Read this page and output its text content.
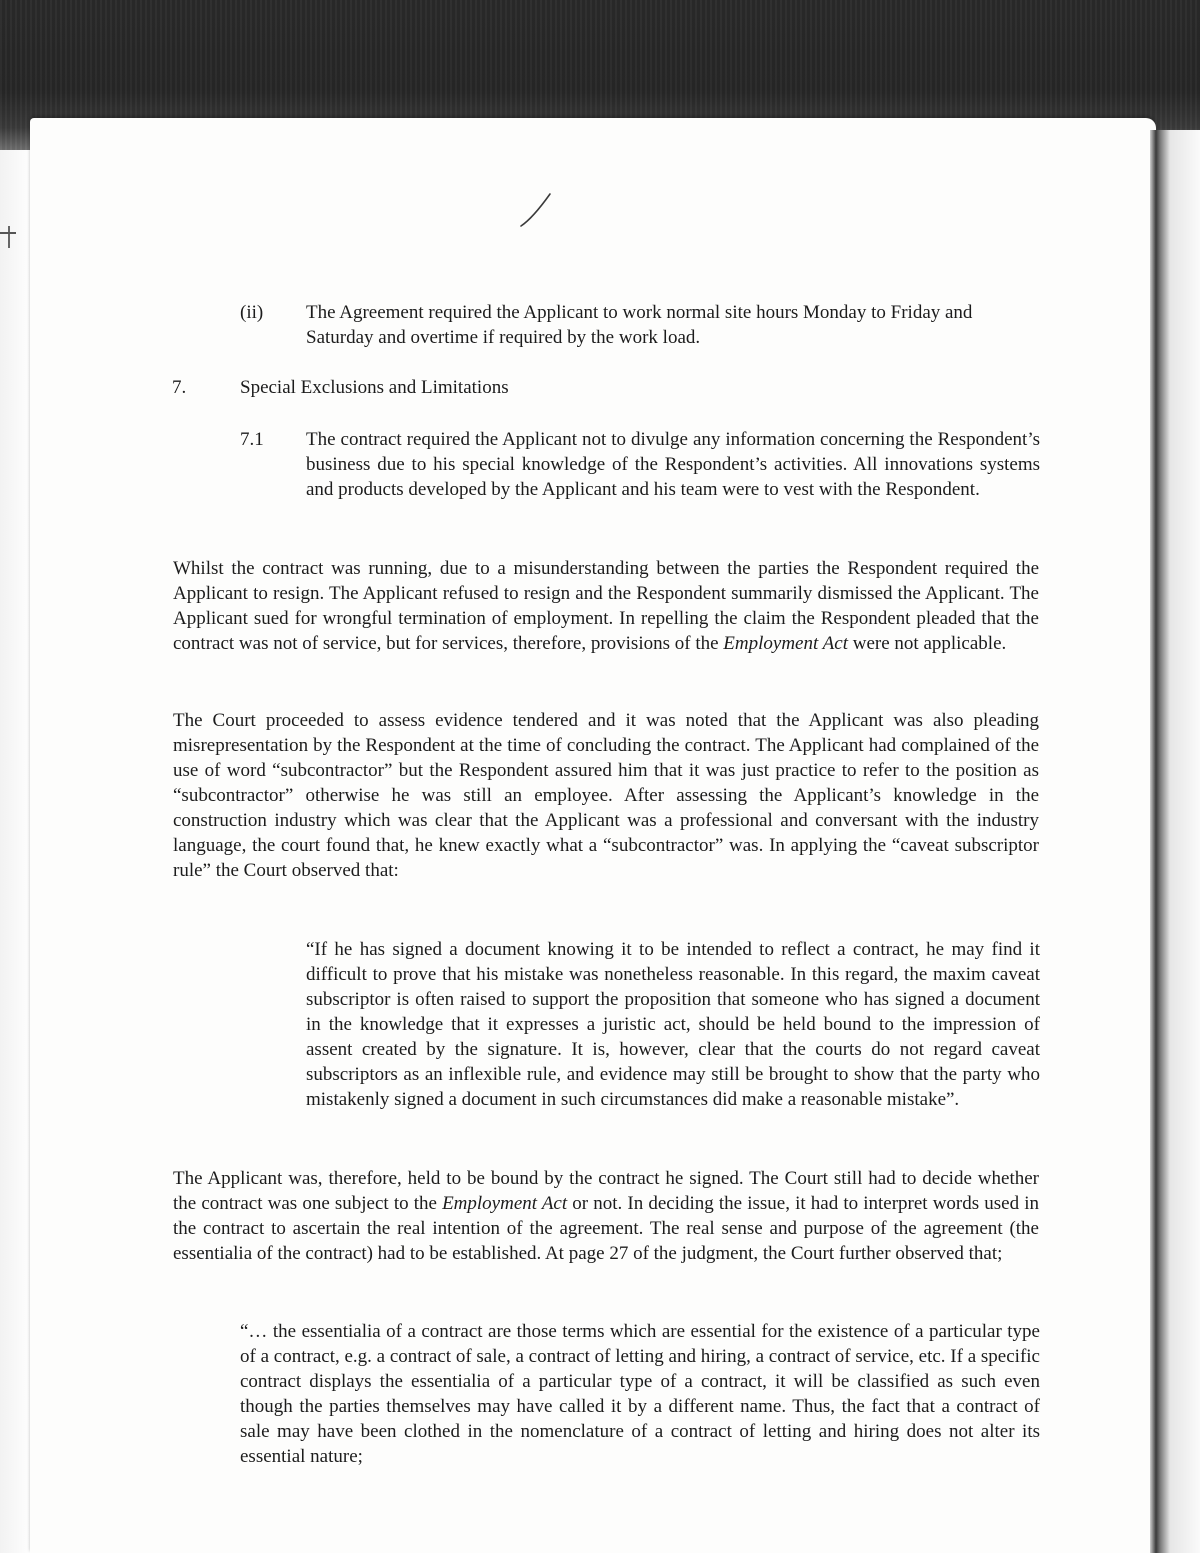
(ii) The Agreement required the Applicant to work normal site hours Monday to Friday and Saturday and overtime if required by the work load.

7.	Special Exclusions and Limitations
7.1 The contract required the Applicant not to divulge any information concerning the Respondent’s business due to his special knowledge of the Respondent’s activities. All innovations systems and products developed by the Applicant and his team were to vest with the Respondent.

Whilst the contract was running, due to a misunderstanding between the parties the Respondent required the Applicant to resign. The Applicant refused to resign and the Respondent summarily dismissed the Applicant. The Applicant sued for wrongful termination of employment. In repelling the claim the Respondent pleaded that the contract was not of service, but for services, therefore, provisions of the Employment Act were not applicable.

The Court proceeded to assess evidence tendered and it was noted that the Applicant was also pleading misrepresentation by the Respondent at the time of concluding the contract. The Applicant had complained of the use of word “subcontractor” but the Respondent assured him that it was just practice to refer to the position as “subcontractor” otherwise he was still an employee. After assessing the Applicant’s knowledge in the construction industry which was clear that the Applicant was a professional and conversant with the industry language, the court found that, he knew exactly what a “subcontractor” was. In applying the “caveat subscriptor rule” the Court observed that:

“If he has signed a document knowing it to be intended to reflect a contract, he may find it difficult to prove that his mistake was nonetheless reasonable. In this regard, the maxim caveat subscriptor is often raised to support the proposition that someone who has signed a document in the knowledge that it expresses a juristic act, should be held bound to the impression of assent created by the signature. It is, however, clear that the courts do not regard caveat subscriptors as an inflexible rule, and evidence may still be brought to show that the party who mistakenly signed a document in such circumstances did make a reasonable mistake”.

The Applicant was, therefore, held to be bound by the contract he signed. The Court still had to decide whether the contract was one subject to the Employment Act or not. In deciding the issue, it had to interpret words used in the contract to ascertain the real intention of the agreement. The real sense and purpose of the agreement (the essentialia of the contract) had to be established. At page 27 of the judgment, the Court further observed that;

“… the essentialia of a contract are those terms which are essential for the existence of a particular type of a contract, e.g. a contract of sale, a contract of letting and hiring, a contract of service, etc. If a specific contract displays the essentialia of a particular type of a contract, it will be classified as such even though the parties themselves may have called it by a different name. Thus, the fact that a contract of sale may have been clothed in the nomenclature of a contract of letting and hiring does not alter its essential nature;
